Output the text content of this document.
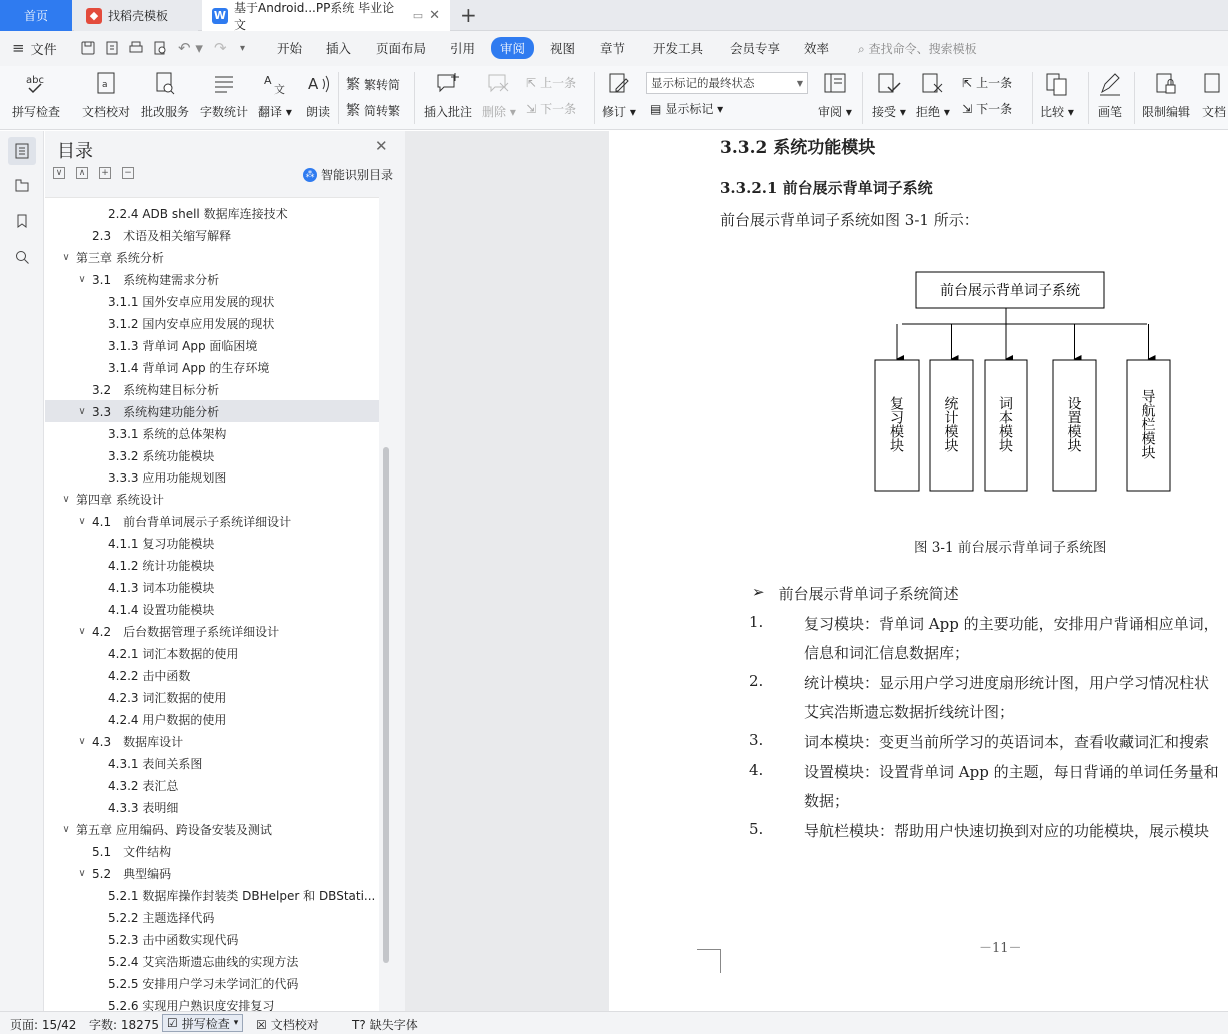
首页	◆ 找稻壳模板	W
基于Android...PP系统 毕业论文
▭ ✕ +
≡ 文件	↶ ▾ ↷ ▾	开始 插入 页面布局 引用	审阅	视图 章节 开发工具 会员专享 效率 ⌕ 查找命令、搜索模板
abc
拼写检查
a
文档校对 批改服务 字数统计
A
文
翻译 ▾
A
朗读
繁 繁转简
繁 简转繁 插入批注 删除 ▾
⇱ 上一条
⇲ 下一条 修订 ▾
显示标记的最终状态	▼
▤ 显示标记 ▾	审阅 ▾ 接受 ▾ 拒绝 ▾
⇱ 上一条
⇲ 下一条 比较 ▾ 画笔 限制编辑 文档
目录	✕
∨	∧	+ −	⁂ 智能识别目录
2.2.4 ADB shell 数据库连接技术
2.3　术语及相关缩写解释
∨ 第三章 系统分析
∨ 3.1　系统构建需求分析
3.1.1 国外安卓应用发展的现状
3.1.2 国内安卓应用发展的现状
3.1.3 背单词 App 面临困境
3.1.4 背单词 App 的生存环境
3.2　系统构建目标分析
∨ 3.3　系统构建功能分析
3.3.1 系统的总体架构
3.3.2 系统功能模块
3.3.3 应用功能规划图
∨ 第四章 系统设计
∨ 4.1　前台背单词展示子系统详细设计
4.1.1 复习功能模块
4.1.2 统计功能模块
4.1.3 词本功能模块
4.1.4 设置功能模块
∨ 4.2　后台数据管理子系统详细设计
4.2.1 词汇本数据的使用
4.2.2 击中函数
4.2.3 词汇数据的使用
4.2.4 用户数据的使用
∨ 4.3　数据库设计
4.3.1 表间关系图
4.3.2 表汇总
4.3.3 表明细
∨ 第五章 应用编码、跨设备安装及测试
5.1　文件结构
∨ 5.2　典型编码
5.2.1 数据库操作封装类 DBHelper 和 DBStati...
5.2.2 主题选择代码
5.2.3 击中函数实现代码
5.2.4 艾宾浩斯遗忘曲线的实现方法
5.2.5 安排用户学习未学词汇的代码
5.2.6 实现用户熟识度安排复习
3.3.2 系统功能模块
3.3.2.1 前台展示背单词子系统
前台展示背单词子系统如图 3-1 所示：
前台展示背单词子系统
复习模块
统计模块
词本模块
设置模块
导航栏模块
图 3-1 前台展示背单词子系统图
➢ 前台展示背单词子系统简述
1.	复习模块：背单词 App 的主要功能，安排用户背诵相应单词，
信息和词汇信息数据库；
2.	统计模块：显示用户学习进度扇形统计图，用户学习情况柱状
艾宾浩斯遗忘数据折线统计图；
3.	词本模块：变更当前所学习的英语词本，查看收藏词汇和搜索
4.	设置模块：设置背单词 App 的主题，每日背诵的单词任务量和
数据；
5.	导航栏模块：帮助用户快速切换到对应的功能模块，展示模块
－11－
页面: 15/42 字数: 18275 ☑ 拼写检查 ▾ ☒ 文档校对	T? 缺失字体
